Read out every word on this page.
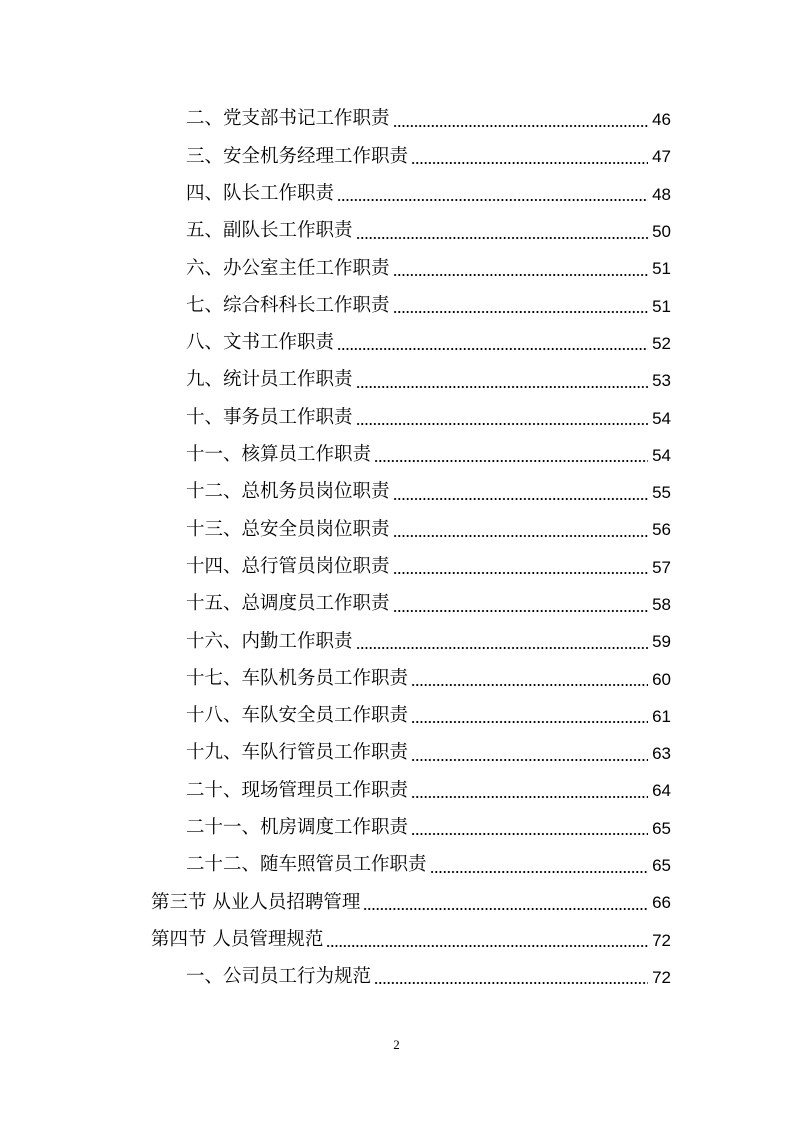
二、党支部书记工作职责	46
三、安全机务经理工作职责	47
四、队长工作职责	48
五、副队长工作职责	50
六、办公室主任工作职责	51
七、综合科科长工作职责	51
八、文书工作职责	52
九、统计员工作职责	53
十、事务员工作职责	54
十一、核算员工作职责	54
十二、总机务员岗位职责	55
十三、总安全员岗位职责	56
十四、总行管员岗位职责	57
十五、总调度员工作职责	58
十六、内勤工作职责	59
十七、车队机务员工作职责	60
十八、车队安全员工作职责	61
十九、车队行管员工作职责	63
二十、现场管理员工作职责	64
二十一、机房调度工作职责	65
二十二、随车照管员工作职责	65
第三节 从业人员招聘管理	66
第四节 人员管理规范	72
一、公司员工行为规范	72
2
